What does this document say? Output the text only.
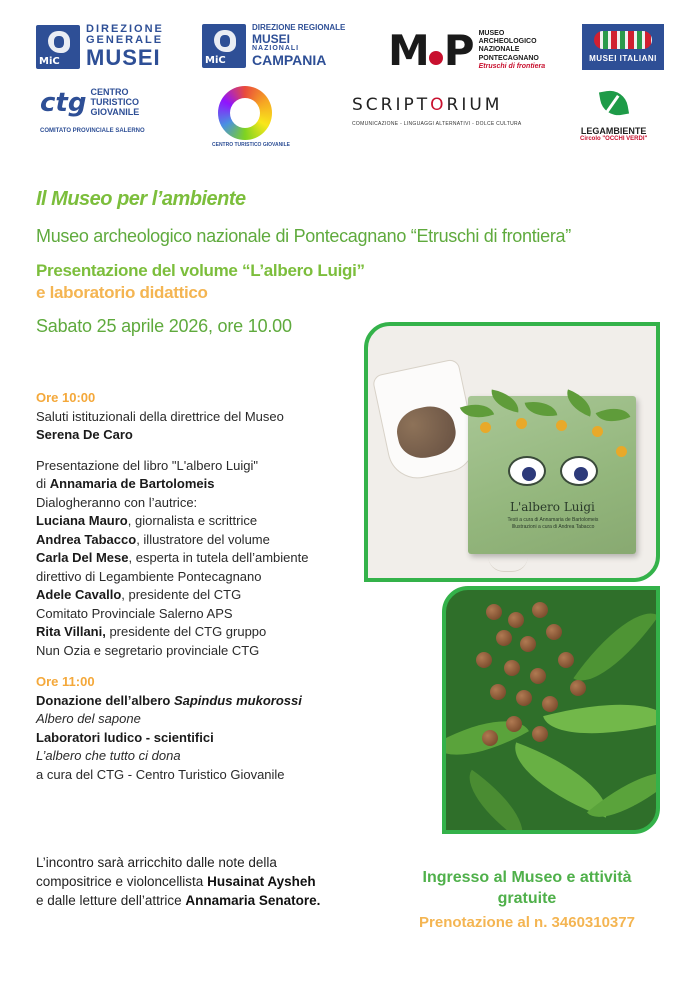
MiC
DIREZIONE
GENERALE
MUSEI	MiC
DIREZIONE REGIONALE
MUSEI
NAZIONALI
CAMPANIA	M P MUSEO
ARCHEOLOGICO
NAZIONALE
PONTECAGNANO
Etruschi di frontiera
MUSEI ITALIANI
ctg CENTRO
TURISTICO
GIOVANILE
COMITATO PROVINCIALE SALERNO
CENTRO TURISTICO GIOVANILE
SCRIPTORIUM
COMUNICAZIONE - LINGUAGGI ALTERNATIVI - DOLCE CULTURA
LEGAMBIENTE
Circolo "OCCHI VERDI"
Il Museo per l’ambiente
Museo archeologico nazionale di Pontecagnano “Etruschi di frontiera”
Presentazione del volume “L’albero Luigi”
e laboratorio didattico
Sabato 25 aprile 2026, ore 10.00
Ore 10:00
Saluti istituzionali della direttrice del Museo
Serena De Caro
Presentazione del libro "L'albero Luigi"
di Annamaria de Bartolomeis
Dialogheranno con l’autrice:
Luciana Mauro, giornalista e scrittrice
Andrea Tabacco, illustratore del volume
Carla Del Mese, esperta in tutela dell’ambiente
direttivo di Legambiente Pontecagnano
Adele Cavallo, presidente del CTG
Comitato Provinciale Salerno APS
Rita Villani, presidente del CTG gruppo
Nun Ozia e segretario provinciale CTG
Ore 11:00
Donazione dell’albero Sapindus mukorossi
Albero del sapone
Laboratori ludico - scientifici
L’albero che tutto ci dona
a cura del CTG - Centro Turistico Giovanile
L’incontro sarà arricchito dalle note della
compositrice e violoncellista Husainat Aysheh
e dalle letture dell’attrice Annamaria Senatore.
Ingresso al Museo e attività
gratuite
Prenotazione al n. 3460310377
L'albero Luigi
Testi a cura di Annamaria de Bartolomeis
Illustrazioni a cura di Andrea Tabacco
